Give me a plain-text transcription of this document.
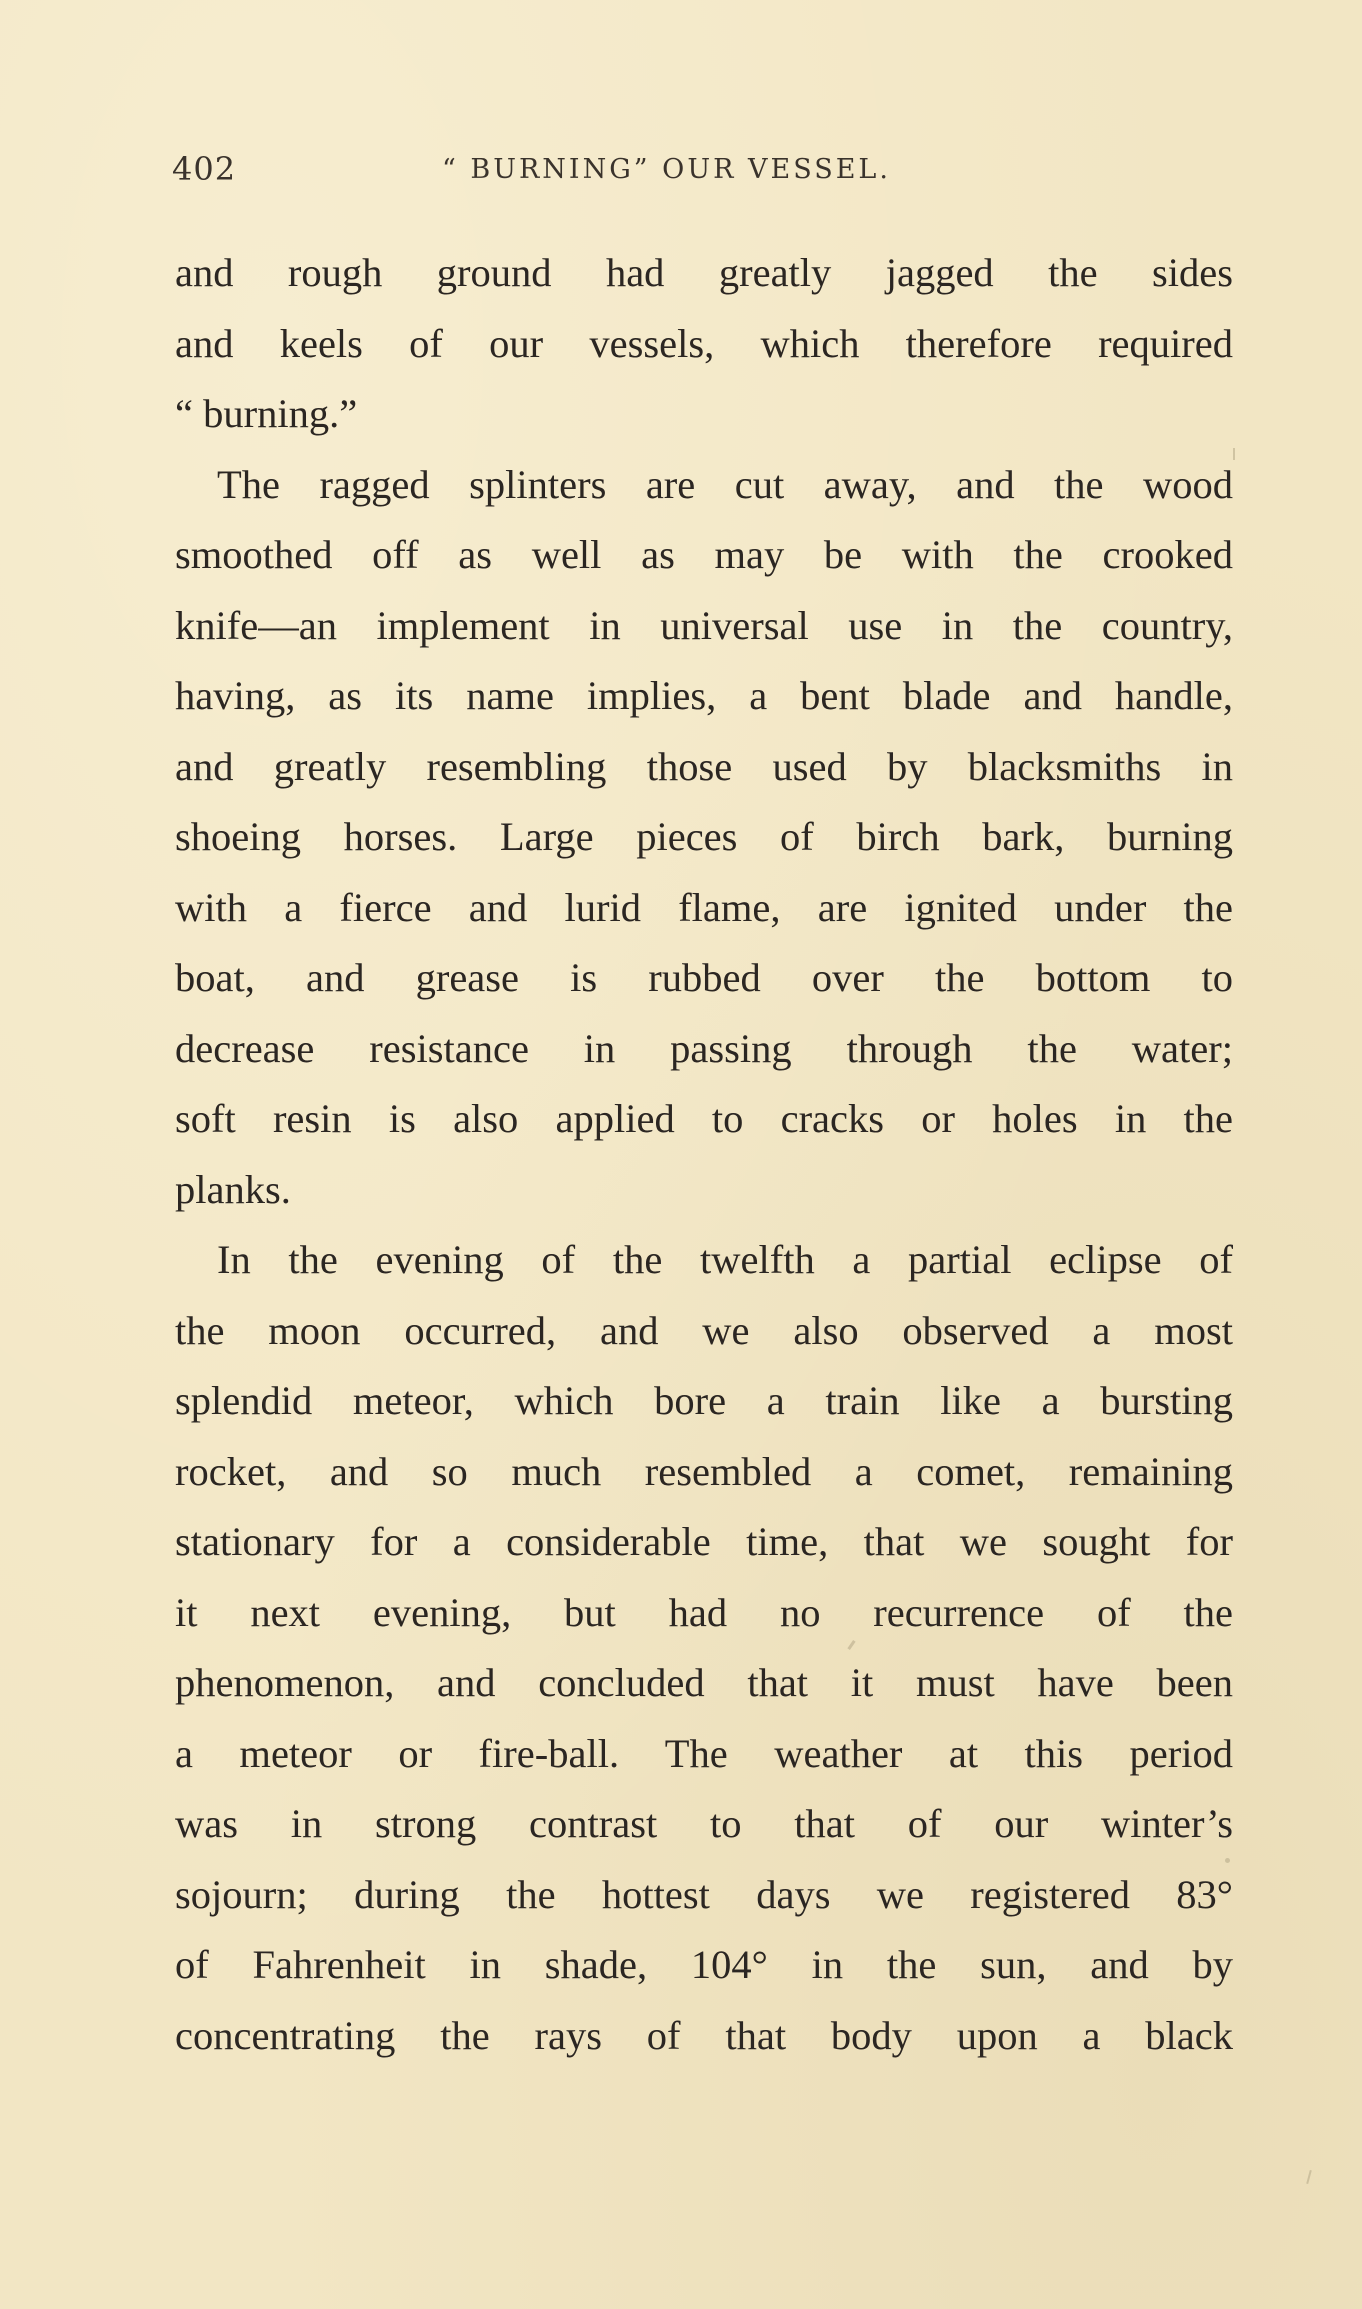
402	“ BURNING” OUR VESSEL.
and rough ground had greatly jagged the sides
and keels of our vessels, which therefore required
“ burning.”
The ragged splinters are cut away, and the wood
smoothed off as well as may be with the crooked
knife—an implement in universal use in the country,
having, as its name implies, a bent blade and handle,
and greatly resembling those used by blacksmiths in
shoeing horses. Large pieces of birch bark, burning
with a fierce and lurid flame, are ignited under the
boat, and grease is rubbed over the bottom to
decrease resistance in passing through the water;
soft resin is also applied to cracks or holes in the
planks.
In the evening of the twelfth a partial eclipse of
the moon occurred, and we also observed a most
splendid meteor, which bore a train like a bursting
rocket, and so much resembled a comet, remaining
stationary for a considerable time, that we sought for
it next evening, but had no recurrence of the
phenomenon, and concluded that it must have been
a meteor or fire-ball. The weather at this period
was in strong contrast to that of our winter’s
sojourn; during the hottest days we registered 83°
of Fahrenheit in shade, 104° in the sun, and by
concentrating the rays of that body upon a black
